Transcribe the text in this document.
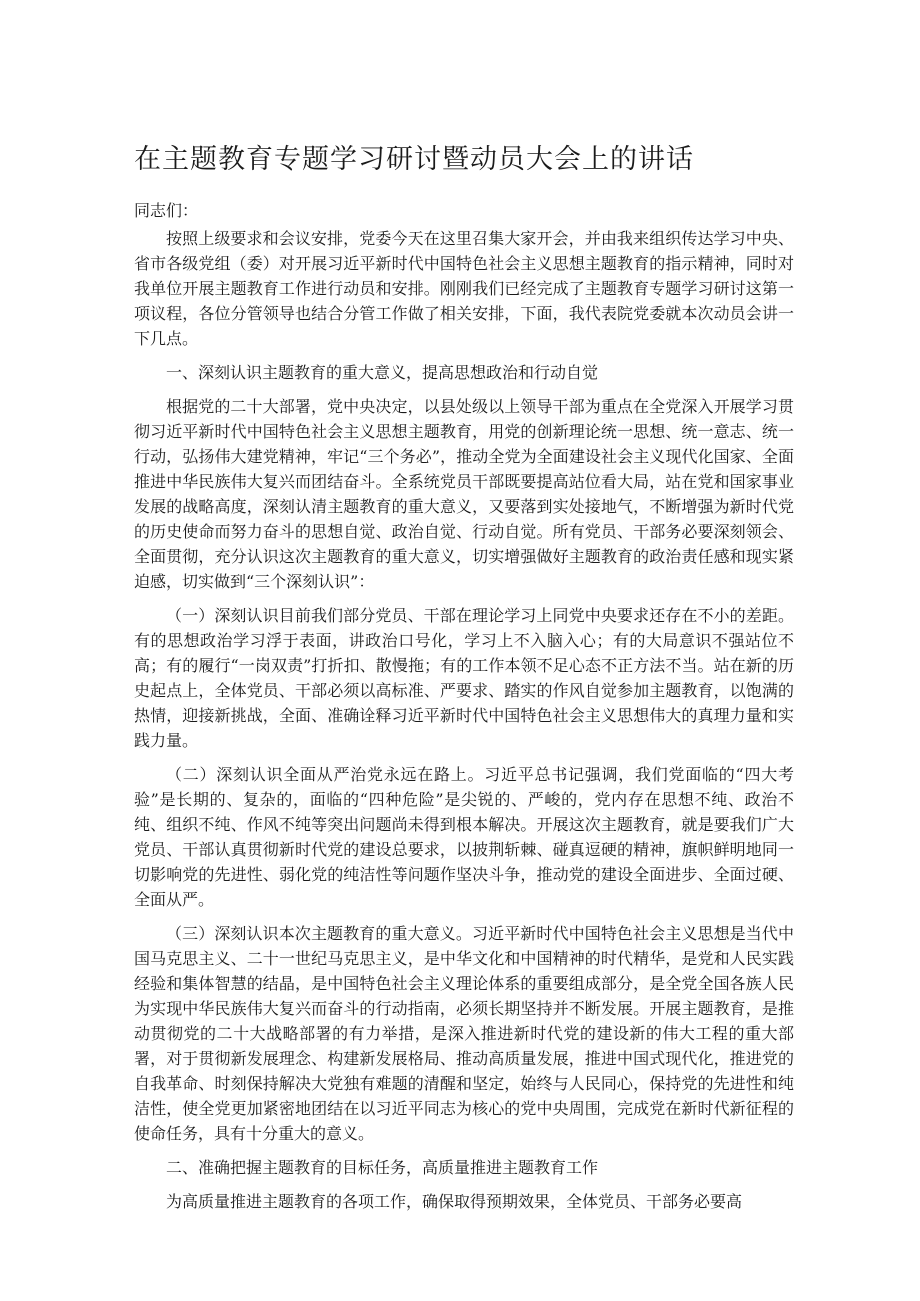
在主题教育专题学习研讨暨动员大会上的讲话

同志们：

按照上级要求和会议安排，党委今天在这里召集大家开会，并由我来组织传达学习中央、省市各级党组（委）对开展习近平新时代中国特色社会主义思想主题教育的指示精神，同时对我单位开展主题教育工作进行动员和安排。刚刚我们已经完成了主题教育专题学习研讨这第一项议程，各位分管领导也结合分管工作做了相关安排，下面，我代表院党委就本次动员会讲一下几点。

一、深刻认识主题教育的重大意义，提高思想政治和行动自觉

根据党的二十大部署，党中央决定，以县处级以上领导干部为重点在全党深入开展学习贯彻习近平新时代中国特色社会主义思想主题教育，用党的创新理论统一思想、统一意志、统一行动，弘扬伟大建党精神，牢记“三个务必”，推动全党为全面建设社会主义现代化国家、全面推进中华民族伟大复兴而团结奋斗。全系统党员干部既要提高站位看大局，站在党和国家事业发展的战略高度，深刻认清主题教育的重大意义，又要落到实处接地气，不断增强为新时代党的历史使命而努力奋斗的思想自觉、政治自觉、行动自觉。所有党员、干部务必要深刻领会、全面贯彻，充分认识这次主题教育的重大意义，切实增强做好主题教育的政治责任感和现实紧迫感，切实做到“三个深刻认识”：

（一）深刻认识目前我们部分党员、干部在理论学习上同党中央要求还存在不小的差距。有的思想政治学习浮于表面，讲政治口号化，学习上不入脑入心；有的大局意识不强站位不高；有的履行“一岗双责”打折扣、散慢拖；有的工作本领不足心态不正方法不当。站在新的历史起点上，全体党员、干部必须以高标准、严要求、踏实的作风自觉参加主题教育，以饱满的热情，迎接新挑战，全面、准确诠释习近平新时代中国特色社会主义思想伟大的真理力量和实践力量。

（二）深刻认识全面从严治党永远在路上。习近平总书记强调，我们党面临的“四大考验”是长期的、复杂的，面临的“四种危险”是尖锐的、严峻的，党内存在思想不纯、政治不纯、组织不纯、作风不纯等突出问题尚未得到根本解决。开展这次主题教育，就是要我们广大党员、干部认真贯彻新时代党的建设总要求，以披荆斩棘、碰真逗硬的精神，旗帜鲜明地同一切影响党的先进性、弱化党的纯洁性等问题作坚决斗争，推动党的建设全面进步、全面过硬、全面从严。

（三）深刻认识本次主题教育的重大意义。习近平新时代中国特色社会主义思想是当代中国马克思主义、二十一世纪马克思主义，是中华文化和中国精神的时代精华，是党和人民实践经验和集体智慧的结晶，是中国特色社会主义理论体系的重要组成部分，是全党全国各族人民为实现中华民族伟大复兴而奋斗的行动指南，必须长期坚持并不断发展。开展主题教育，是推动贯彻党的二十大战略部署的有力举措，是深入推进新时代党的建设新的伟大工程的重大部署，对于贯彻新发展理念、构建新发展格局、推动高质量发展，推进中国式现代化，推进党的自我革命、时刻保持解决大党独有难题的清醒和坚定，始终与人民同心，保持党的先进性和纯洁性，使全党更加紧密地团结在以习近平同志为核心的党中央周围，完成党在新时代新征程的使命任务，具有十分重大的意义。

二、准确把握主题教育的目标任务，高质量推进主题教育工作

为高质量推进主题教育的各项工作，确保取得预期效果，全体党员、干部务必要高
